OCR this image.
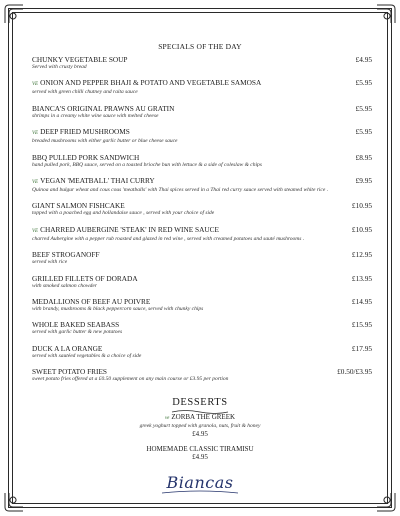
SPECIALS OF THE DAY
CHUNKY VEGETABLE SOUP	£4.95
Served with crusty bread
VE ONION AND PEPPER BHAJI & POTATO AND VEGETABLE SAMOSA	£5.95
served with green chilli chutney and raita sauce
BIANCA'S ORIGINAL PRAWNS AU GRATIN	£5.95
shrimps in a creamy white wine sauce with melted cheese
VE DEEP FRIED MUSHROOMS	£5.95
breaded mushrooms with either garlic butter or blue cheese sauce
BBQ PULLED PORK SANDWICH	£8.95
hand pulled pork, BBQ sauce, served on a toasted brioche bun with lettuce & a side of coleslaw & chips
VE VEGAN 'MEATBALL' THAI CURRY	£9.95
Quinoa and bulgur wheat and cous cous 'meatballs' with Thai spices served in a Thai red curry sauce served with steamed white rice .
GIANT SALMON FISHCAKE	£10.95
topped with a poached egg and hollandaise sauce , served with your choice of side
VE CHARRED AUBERGINE 'STEAK' IN RED WINE SAUCE	£10.95
charred Aubergine with a pepper rub roasted and glazed in red wine , served with creamed potatoes and sauté mushrooms .
BEEF STROGANOFF	£12.95
served with rice
GRILLED FILLETS OF DORADA	£13.95
with smoked salmon chowder
MEDALLIONS OF BEEF AU POIVRE	£14.95
with brandy, mushrooms & black peppercorn sauce, served with chunky chips
WHOLE BAKED SEABASS	£15.95
served with garlic butter & new potatoes
DUCK A LA ORANGE	£17.95
served with sautéed vegetables & a choice of side
SWEET POTATO FRIES	£0.50/£3.95
sweet potato fries offered at a £0.50 supplement on any main course or £3.95 per portion
DESSERTS
ve ZORBA THE GREEK
greek yoghurt topped with granola, nuts, fruit & honey
£4.95
HOMEMADE CLASSIC TIRAMISU
£4.95
Biancas
